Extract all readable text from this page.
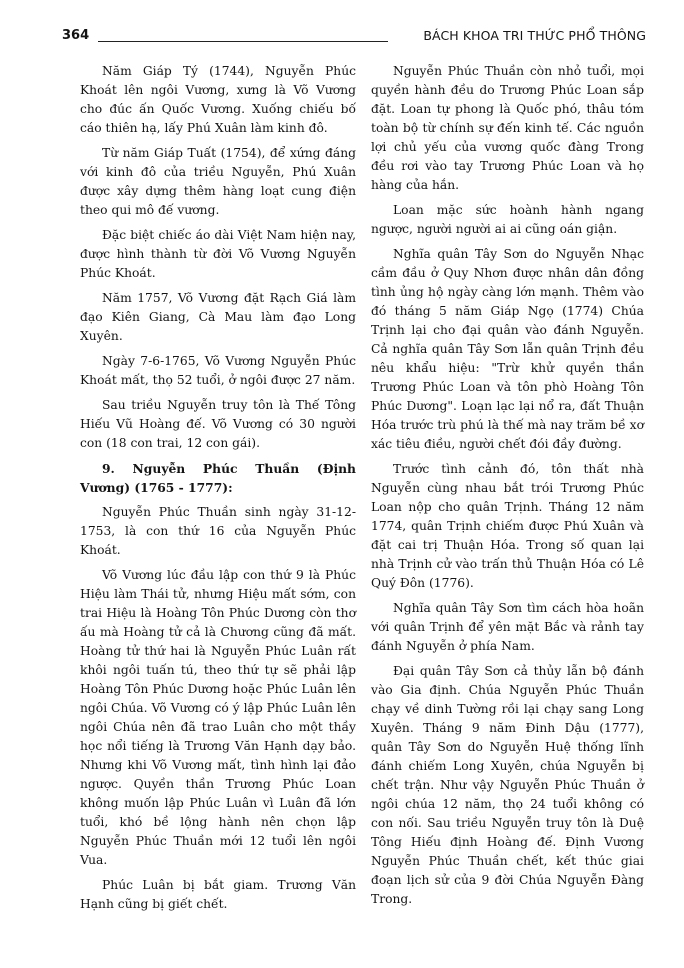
364	BÁCH KHOA TRI THỨC PHỔ THÔNG

Năm Giáp Tý (1744), Nguyễn Phúc Khoát lên ngôi Vương, xưng là Võ Vương cho đúc ấn Quốc Vương. Xuống chiếu bố cáo thiên hạ, lấy Phú Xuân làm kinh đô.

Từ năm Giáp Tuất (1754), để xứng đáng với kinh đô của triều Nguyễn, Phú Xuân được xây dựng thêm hàng loạt cung điện theo qui mô đế vương.

Đặc biệt chiếc áo dài Việt Nam hiện nay, được hình thành từ đời Võ Vương Nguyễn Phúc Khoát.

Năm 1757, Võ Vương đặt Rạch Giá làm đạo Kiên Giang, Cà Mau làm đạo Long Xuyên.

Ngày 7-6-1765, Võ Vương Nguyễn Phúc Khoát mất, thọ 52 tuổi, ở ngôi được 27 năm.

Sau triều Nguyễn truy tôn là Thế Tông Hiếu Vũ Hoàng đế. Võ Vương có 30 người con (18 con trai, 12 con gái).

9. Nguyễn Phúc Thuần (Định Vương) (1765 - 1777):

Nguyễn Phúc Thuần sinh ngày 31-12-1753, là con thứ 16 của Nguyễn Phúc Khoát.

Võ Vương lúc đầu lập con thứ 9 là Phúc Hiệu làm Thái tử, nhưng Hiệu mất sớm, con trai Hiệu là Hoàng Tôn Phúc Dương còn thơ ấu mà Hoàng tử cả là Chương cũng đã mất. Hoàng tử thứ hai là Nguyễn Phúc Luân rất khôi ngôi tuấn tú, theo thứ tự sẽ phải lập Hoàng Tôn Phúc Dương hoặc Phúc Luân lên ngôi Chúa. Võ Vương có ý lập Phúc Luân lên ngôi Chúa nên đã trao Luân cho một thầy học nổi tiếng là Trương Văn Hạnh dạy bảo. Nhưng khi Võ Vương mất, tình hình lại đảo ngược. Quyền thần Trương Phúc Loan không muốn lập Phúc Luân vì Luân đã lớn tuổi, khó bề lộng hành nên chọn lập Nguyễn Phúc Thuần mới 12 tuổi lên ngôi Vua.

Phúc Luân bị bắt giam. Trương Văn Hạnh cũng bị giết chết.

Nguyễn Phúc Thuần còn nhỏ tuổi, mọi quyền hành đều do Trương Phúc Loan sắp đặt. Loan tự phong là Quốc phó, thâu tóm toàn bộ từ chính sự đến kinh tế. Các nguồn lợi chủ yếu của vương quốc đàng Trong đều rơi vào tay Trương Phúc Loan và họ hàng của hắn.

Loan mặc sức hoành hành ngang ngược, người người ai ai cũng oán giận.

Nghĩa quân Tây Sơn do Nguyễn Nhạc cầm đầu ở Quy Nhơn được nhân dân đồng tình ủng hộ ngày càng lớn mạnh. Thêm vào đó tháng 5 năm Giáp Ngọ (1774) Chúa Trịnh lại cho đại quân vào đánh Nguyễn. Cả nghĩa quân Tây Sơn lẫn quân Trịnh đều nêu khẩu hiệu: "Trừ khử quyền thần Trương Phúc Loan và tôn phò Hoàng Tôn Phúc Dương". Loạn lạc lại nổ ra, đất Thuận Hóa trước trù phú là thế mà nay trăm bề xơ xác tiêu điều, người chết đói đầy đường.

Trước tình cảnh đó, tôn thất nhà Nguyễn cùng nhau bắt trói Trương Phúc Loan nộp cho quân Trịnh. Tháng 12 năm 1774, quân Trịnh chiếm được Phú Xuân và đặt cai trị Thuận Hóa. Trong số quan lại nhà Trịnh cử vào trấn thủ Thuận Hóa có Lê Quý Đôn (1776).

Nghĩa quân Tây Sơn tìm cách hòa hoãn với quân Trịnh để yên mặt Bắc và rảnh tay đánh Nguyễn ở phía Nam.

Đại quân Tây Sơn cả thủy lẫn bộ đánh vào Gia định. Chúa Nguyễn Phúc Thuần chạy về dinh Tường rồi lại chạy sang Long Xuyên. Tháng 9 năm Đinh Dậu (1777), quân Tây Sơn do Nguyễn Huệ thống lĩnh đánh chiếm Long Xuyên, chúa Nguyễn bị chết trận. Như vậy Nguyễn Phúc Thuần ở ngôi chúa 12 năm, thọ 24 tuổi không có con nối. Sau triều Nguyễn truy tôn là Duệ Tông Hiếu định Hoàng đế. Định Vương Nguyễn Phúc Thuần chết, kết thúc giai đoạn lịch sử của 9 đời Chúa Nguyễn Đàng Trong.
